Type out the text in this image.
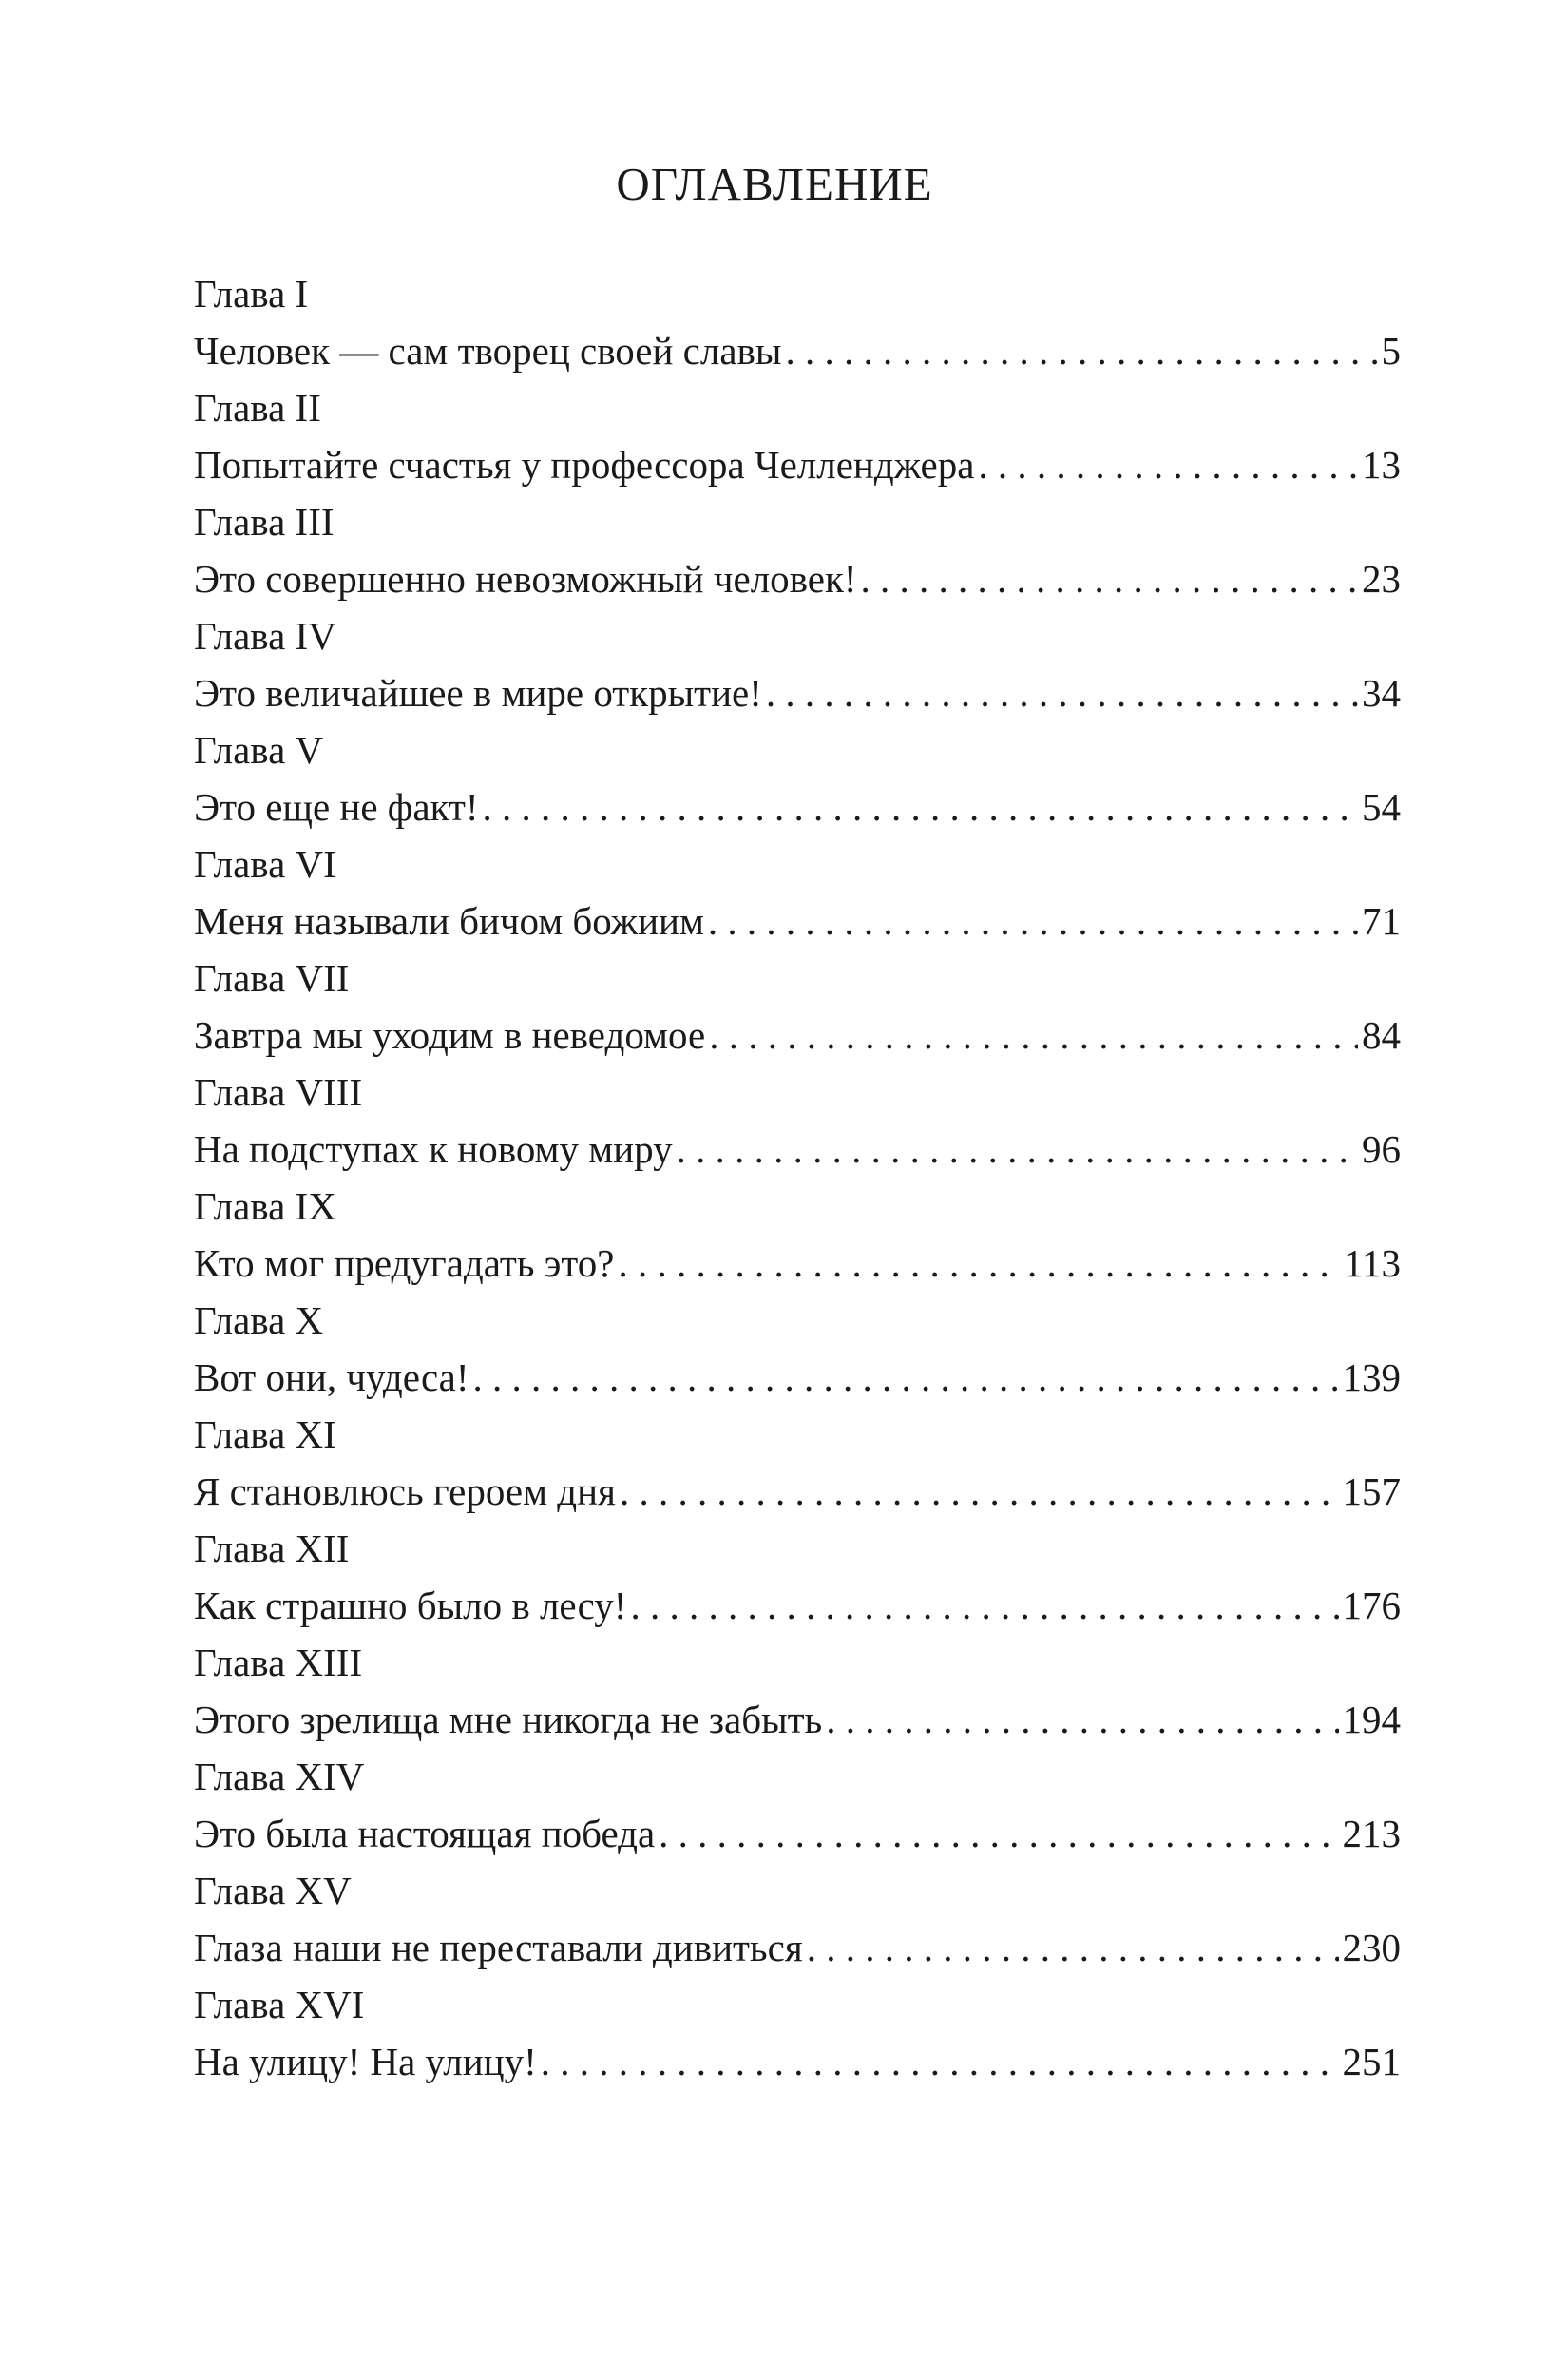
ОГЛАВЛЕНИЕ
Глава I
Человек — сам творец своей славы . . .	5
Глава II
Попытайте счастья у профессора Челленджера . . .	13
Глава III
Это совершенно невозможный человек! . . .	23
Глава IV
Это величайшее в мире открытие! . . .	34
Глава V
Это еще не факт! . . .	54
Глава VI
Меня называли бичом божиим . . .	71
Глава VII
Завтра мы уходим в неведомое . . .	84
Глава VIII
На подступах к новому миру . . .	96
Глава IX
Кто мог предугадать это? . . .	113
Глава X
Вот они, чудеса! . . .	139
Глава XI
Я становлюсь героем дня . . .	157
Глава XII
Как страшно было в лесу! . . .	176
Глава XIII
Этого зрелища мне никогда не забыть . . .	194
Глава XIV
Это была настоящая победа . . .	213
Глава XV
Глаза наши не переставали дивиться . . .	230
Глава XVI
На улицу! На улицу! . . .	251
